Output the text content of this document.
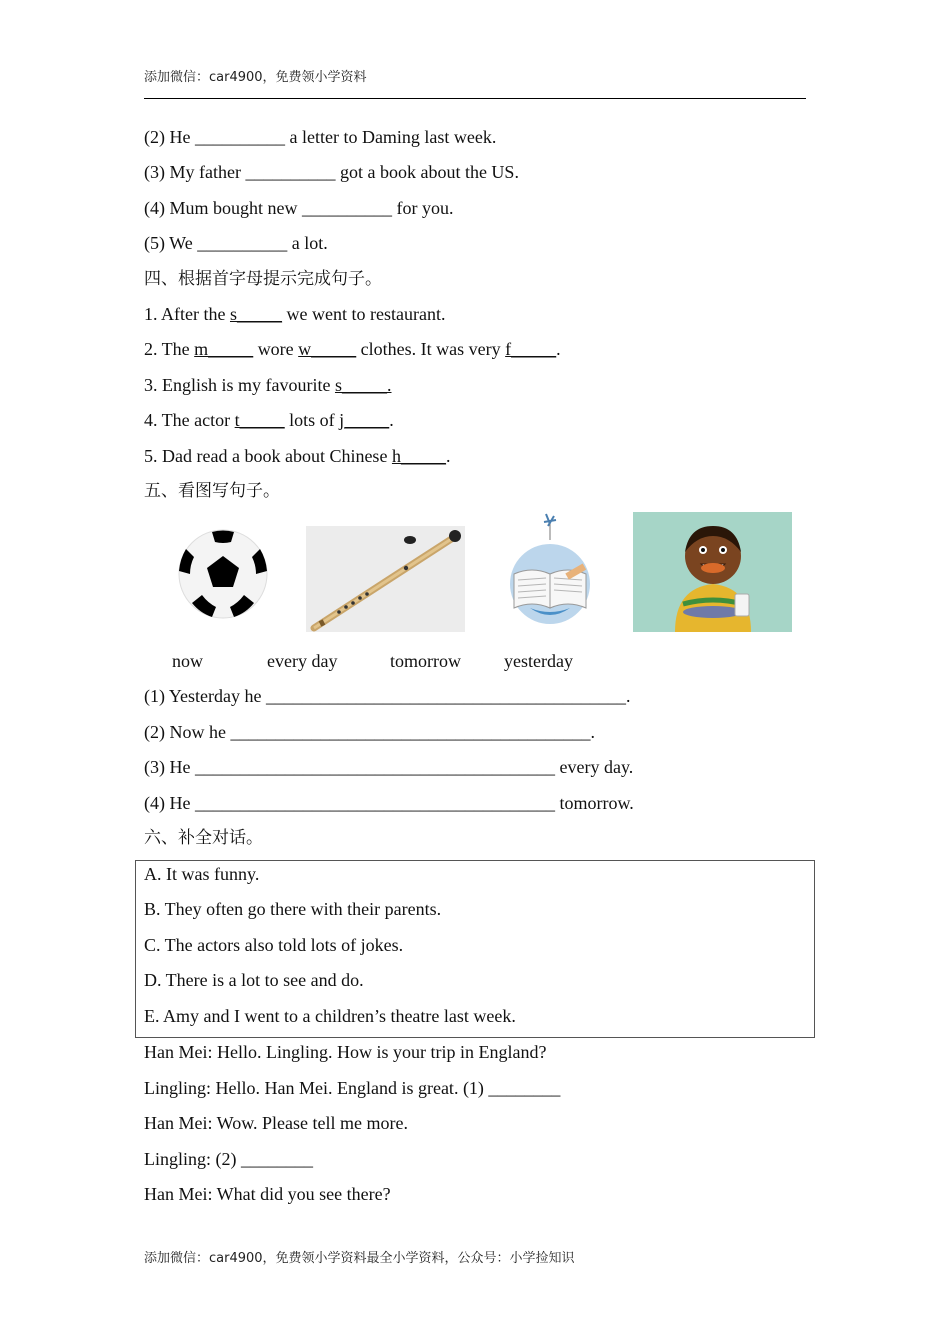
添加微信：car4900，免费领小学资料
(2) He __________ a letter to Daming last week.
(3) My father __________ got a book about the US.
(4) Mum bought new __________ for you.
(5) We __________ a lot.
四、根据首字母提示完成句子。
1. After the s_____ we went to restaurant.
2. The m_____ wore w_____ clothes. It was very f_____.
3. English is my favourite s_____.
4. The actor t_____ lots of j_____.
5. Dad read a book about Chinese h_____.
五、看图写句子。
now	every day	tomorrow yesterday
(1) Yesterday he ________________________________________.
(2) Now he ________________________________________.
(3) He ________________________________________ every day.
(4) He ________________________________________ tomorrow.
六、补全对话。
A. It was funny.
B. They often go there with their parents.
C. The actors also told lots of jokes.
D. There is a lot to see and do.
E. Amy and I went to a children’s theatre last week.
Han Mei: Hello. Lingling. How is your trip in England?
Lingling: Hello. Han Mei. England is great. (1) ________
Han Mei: Wow. Please tell me more.
Lingling: (2) ________
Han Mei: What did you see there?
添加微信：car4900，免费领小学资料最全小学资料，公众号：小学捡知识
